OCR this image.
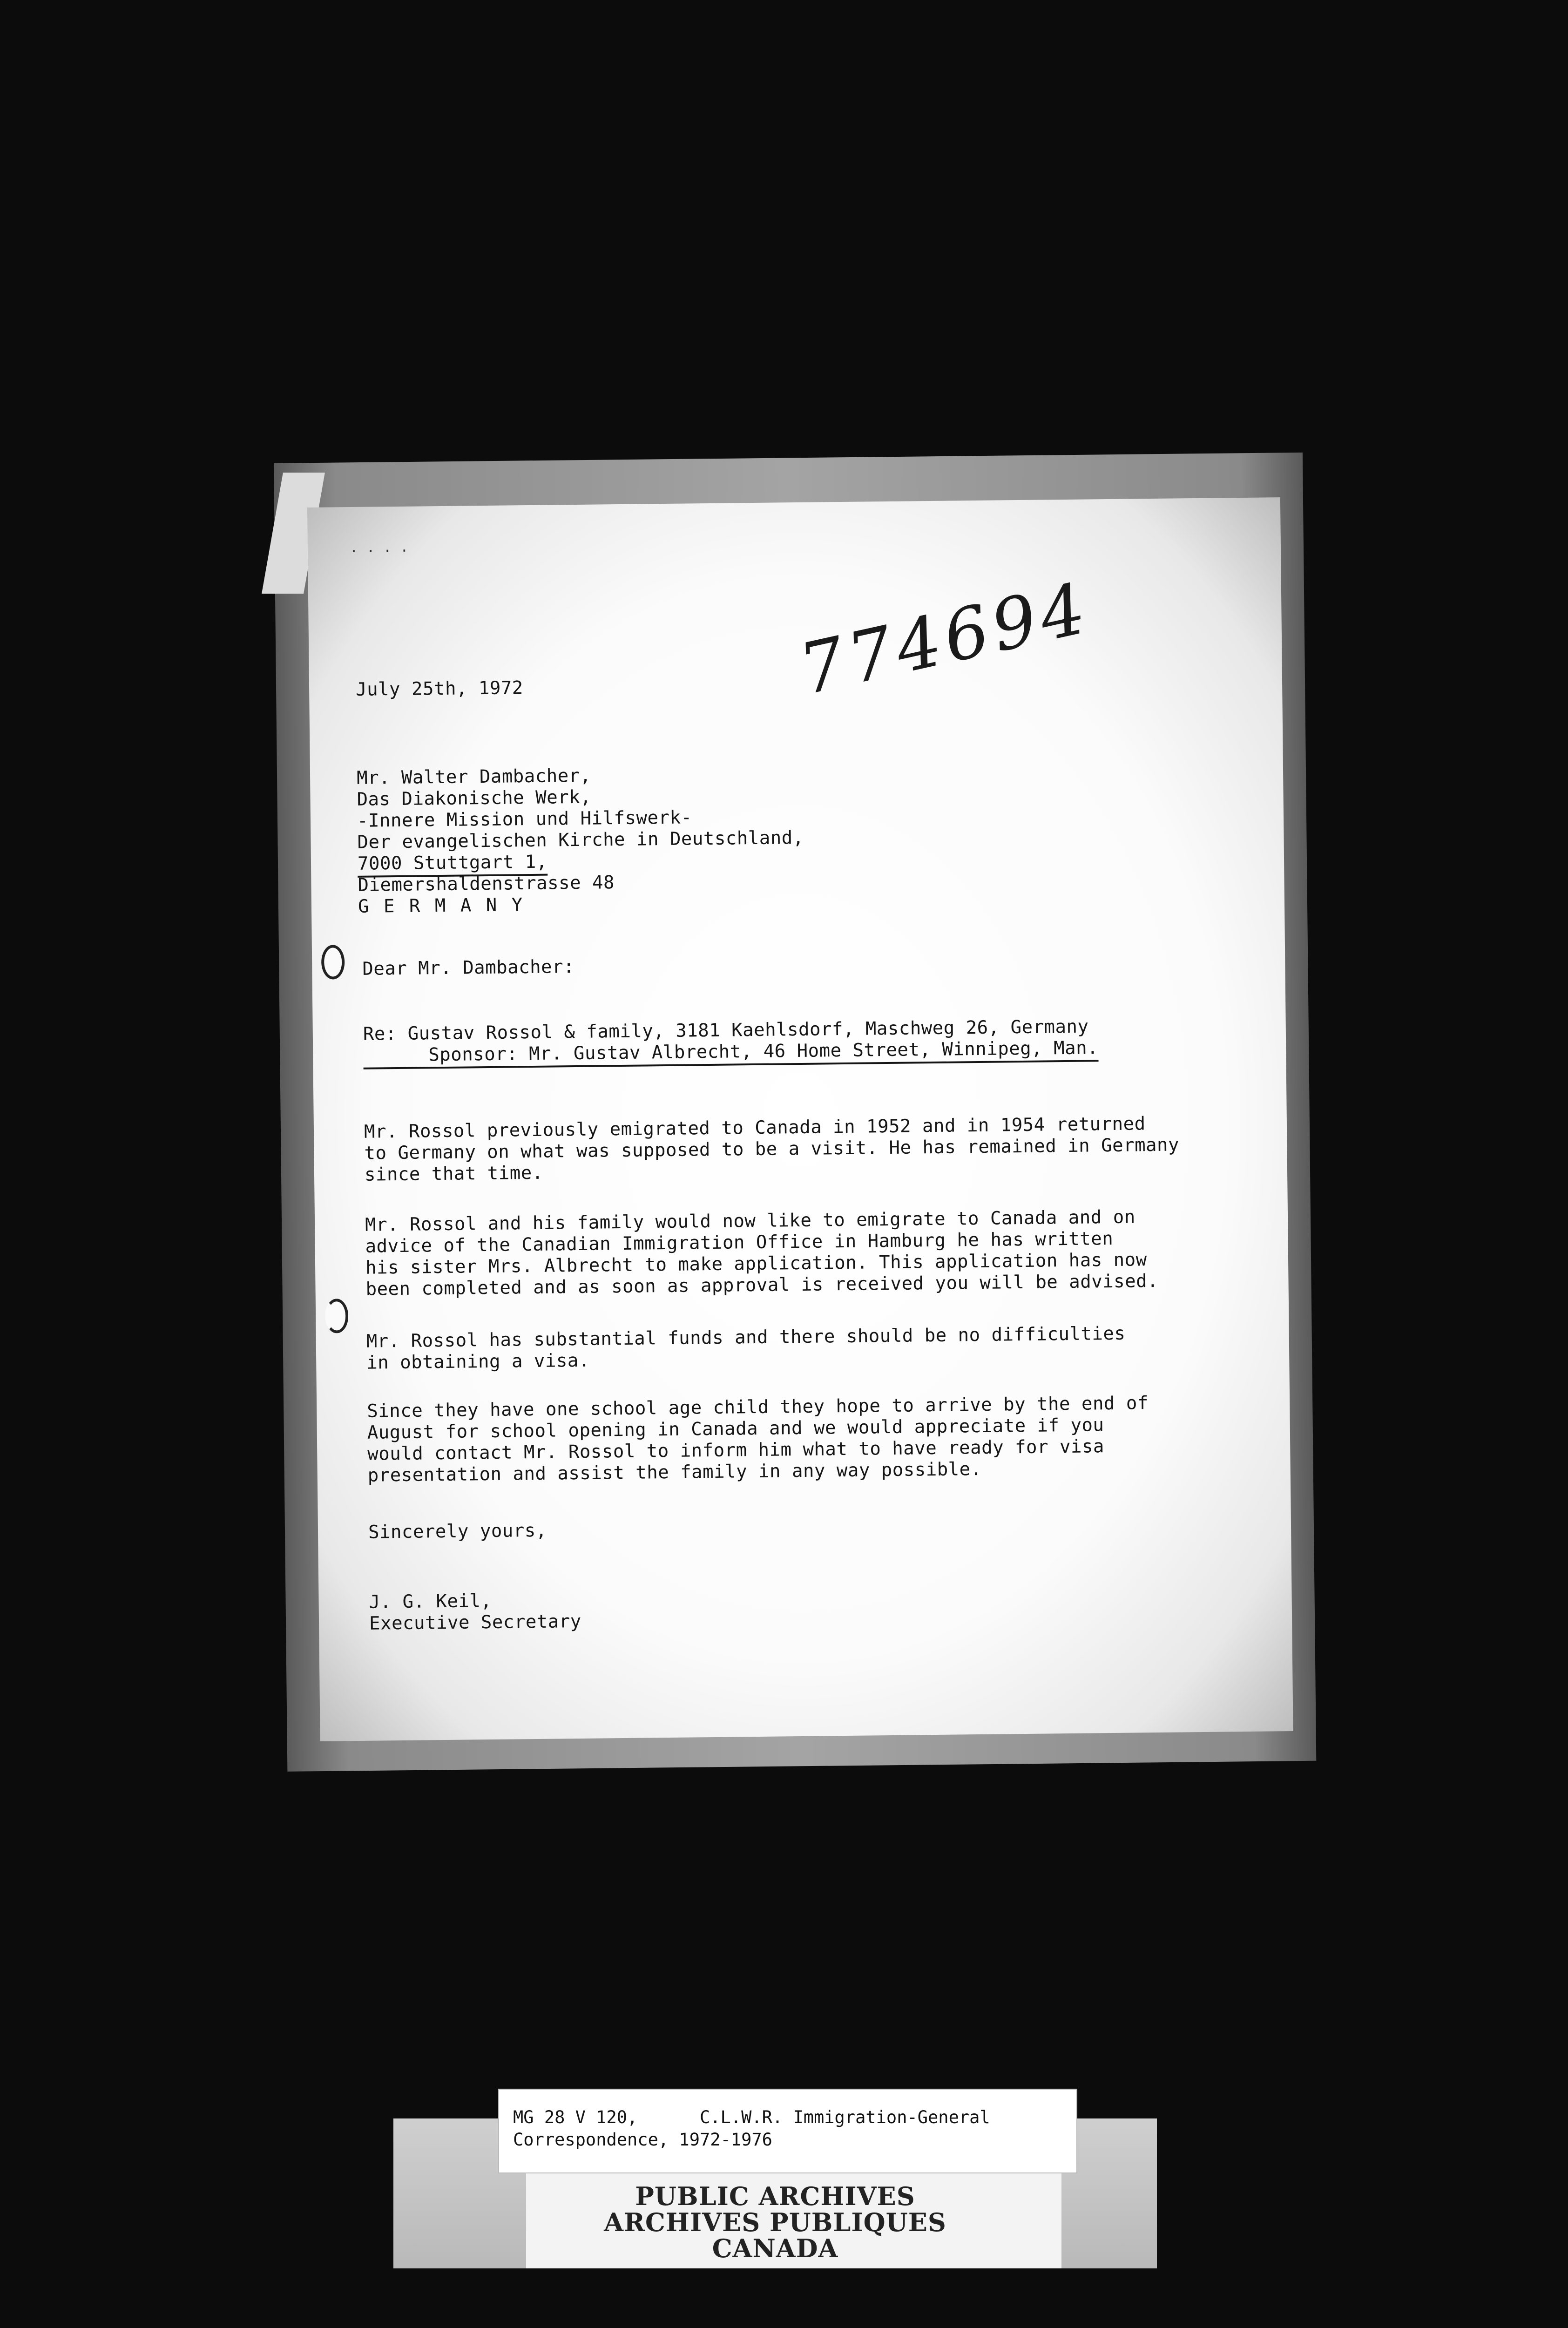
. . . .
774694
July 25th, 1972
Mr. Walter Dambacher,
Das Diakonische Werk,
-Innere Mission und Hilfswerk-
Der evangelischen Kirche in Deutschland,
7000 Stuttgart 1,
Diemershaldenstrasse 48
G E R M A N Y
Dear Mr. Dambacher:
Re: Gustav Rossol & family, 3181 Kaehlsdorf, Maschweg 26, Germany
Sponsor: Mr. Gustav Albrecht, 46 Home Street, Winnipeg, Man.
Mr. Rossol previously emigrated to Canada in 1952 and in 1954 returned
to Germany on what was supposed to be a visit. He has remained in Germany
since that time.
Mr. Rossol and his family would now like to emigrate to Canada and on
advice of the Canadian Immigration Office in Hamburg he has written
his sister Mrs. Albrecht to make application. This application has now
been completed and as soon as approval is received you will be advised.
Mr. Rossol has substantial funds and there should be no difficulties
in obtaining a visa.
Since they have one school age child they hope to arrive by the end of
August for school opening in Canada and we would appreciate if you
would contact Mr. Rossol to inform him what to have ready for visa
presentation and assist the family in any way possible.
Sincerely yours,
J. G. Keil,
Executive Secretary
MG 28 V 120,      C.L.W.R. Immigration-General
Correspondence, 1972-1976
PUBLIC ARCHIVES
ARCHIVES PUBLIQUES
CANADA
